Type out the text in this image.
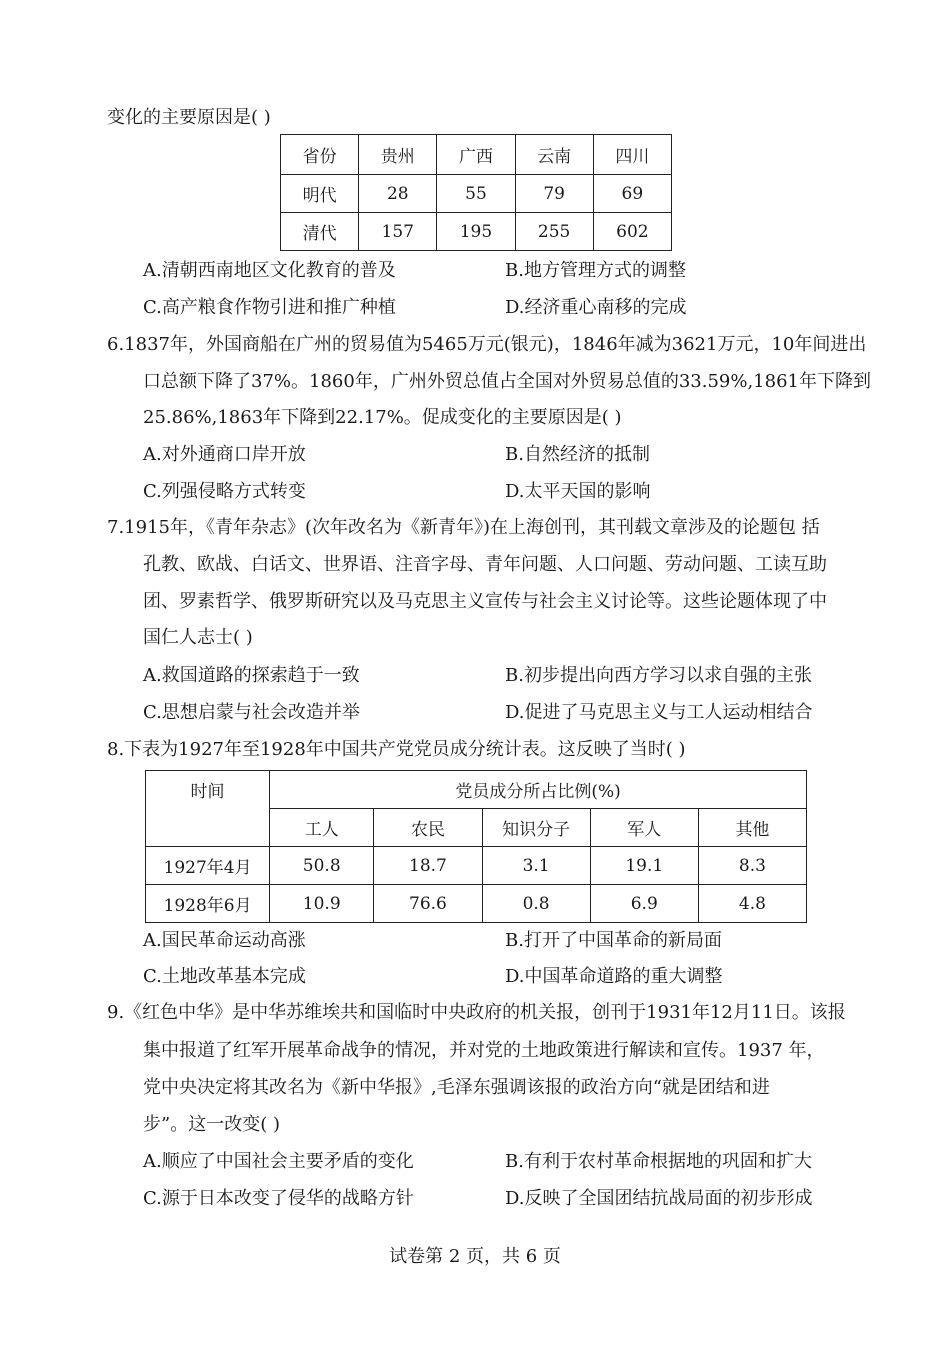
变化的主要原因是( )
省份	贵州	广西	云南	四川
明代	28	55	79	69
清代	157	195	255	602
A.清朝西南地区文化教育的普及	B.地方管理方式的调整
C.高产粮食作物引进和推广种植	D.经济重心南移的完成
6.1837年，外国商船在广州的贸易值为5465万元(银元)，1846年减为3621万元，10年间进出
口总额下降了37%。1860年，广州外贸总值占全国对外贸易总值的33.59%,1861年下降到
25.86%,1863年下降到22.17%。促成变化的主要原因是( )
A.对外通商口岸开放	B.自然经济的抵制
C.列强侵略方式转变	D.太平天国的影响
7.1915年，《青年杂志》(次年改名为《新青年》)在上海创刊，其刊载文章涉及的论题包 括
孔教、欧战、白话文、世界语、注音字母、青年问题、人口问题、劳动问题、工读互助
团、罗素哲学、俄罗斯研究以及马克思主义宣传与社会主义讨论等。这些论题体现了中
国仁人志士( )
A.救国道路的探索趋于一致	B.初步提出向西方学习以求自强的主张
C.思想启蒙与社会改造并举	D.促进了马克思主义与工人运动相结合
8.下表为1927年至1928年中国共产党党员成分统计表。这反映了当时( )
时间	党员成分所占比例(%)				
	工人	农民	知识分子	军人	其他
1927年4月	50.8	18.7	3.1	19.1	8.3
1928年6月	10.9	76.6	0.8	6.9	4.8
A.国民革命运动高涨	B.打开了中国革命的新局面
C.土地改革基本完成	D.中国革命道路的重大调整
9.《红色中华》是中华苏维埃共和国临时中央政府的机关报，创刊于1931年12月11日。该报
集中报道了红军开展革命战争的情况，并对党的土地政策进行解读和宣传。1937 年，
党中央决定将其改名为《新中华报》,毛泽东强调该报的政治方向“就是团结和进
步”。这一改变( )
A.顺应了中国社会主要矛盾的变化	B.有利于农村革命根据地的巩固和扩大
C.源于日本改变了侵华的战略方针	D.反映了全国团结抗战局面的初步形成
试卷第 2 页，共 6 页
